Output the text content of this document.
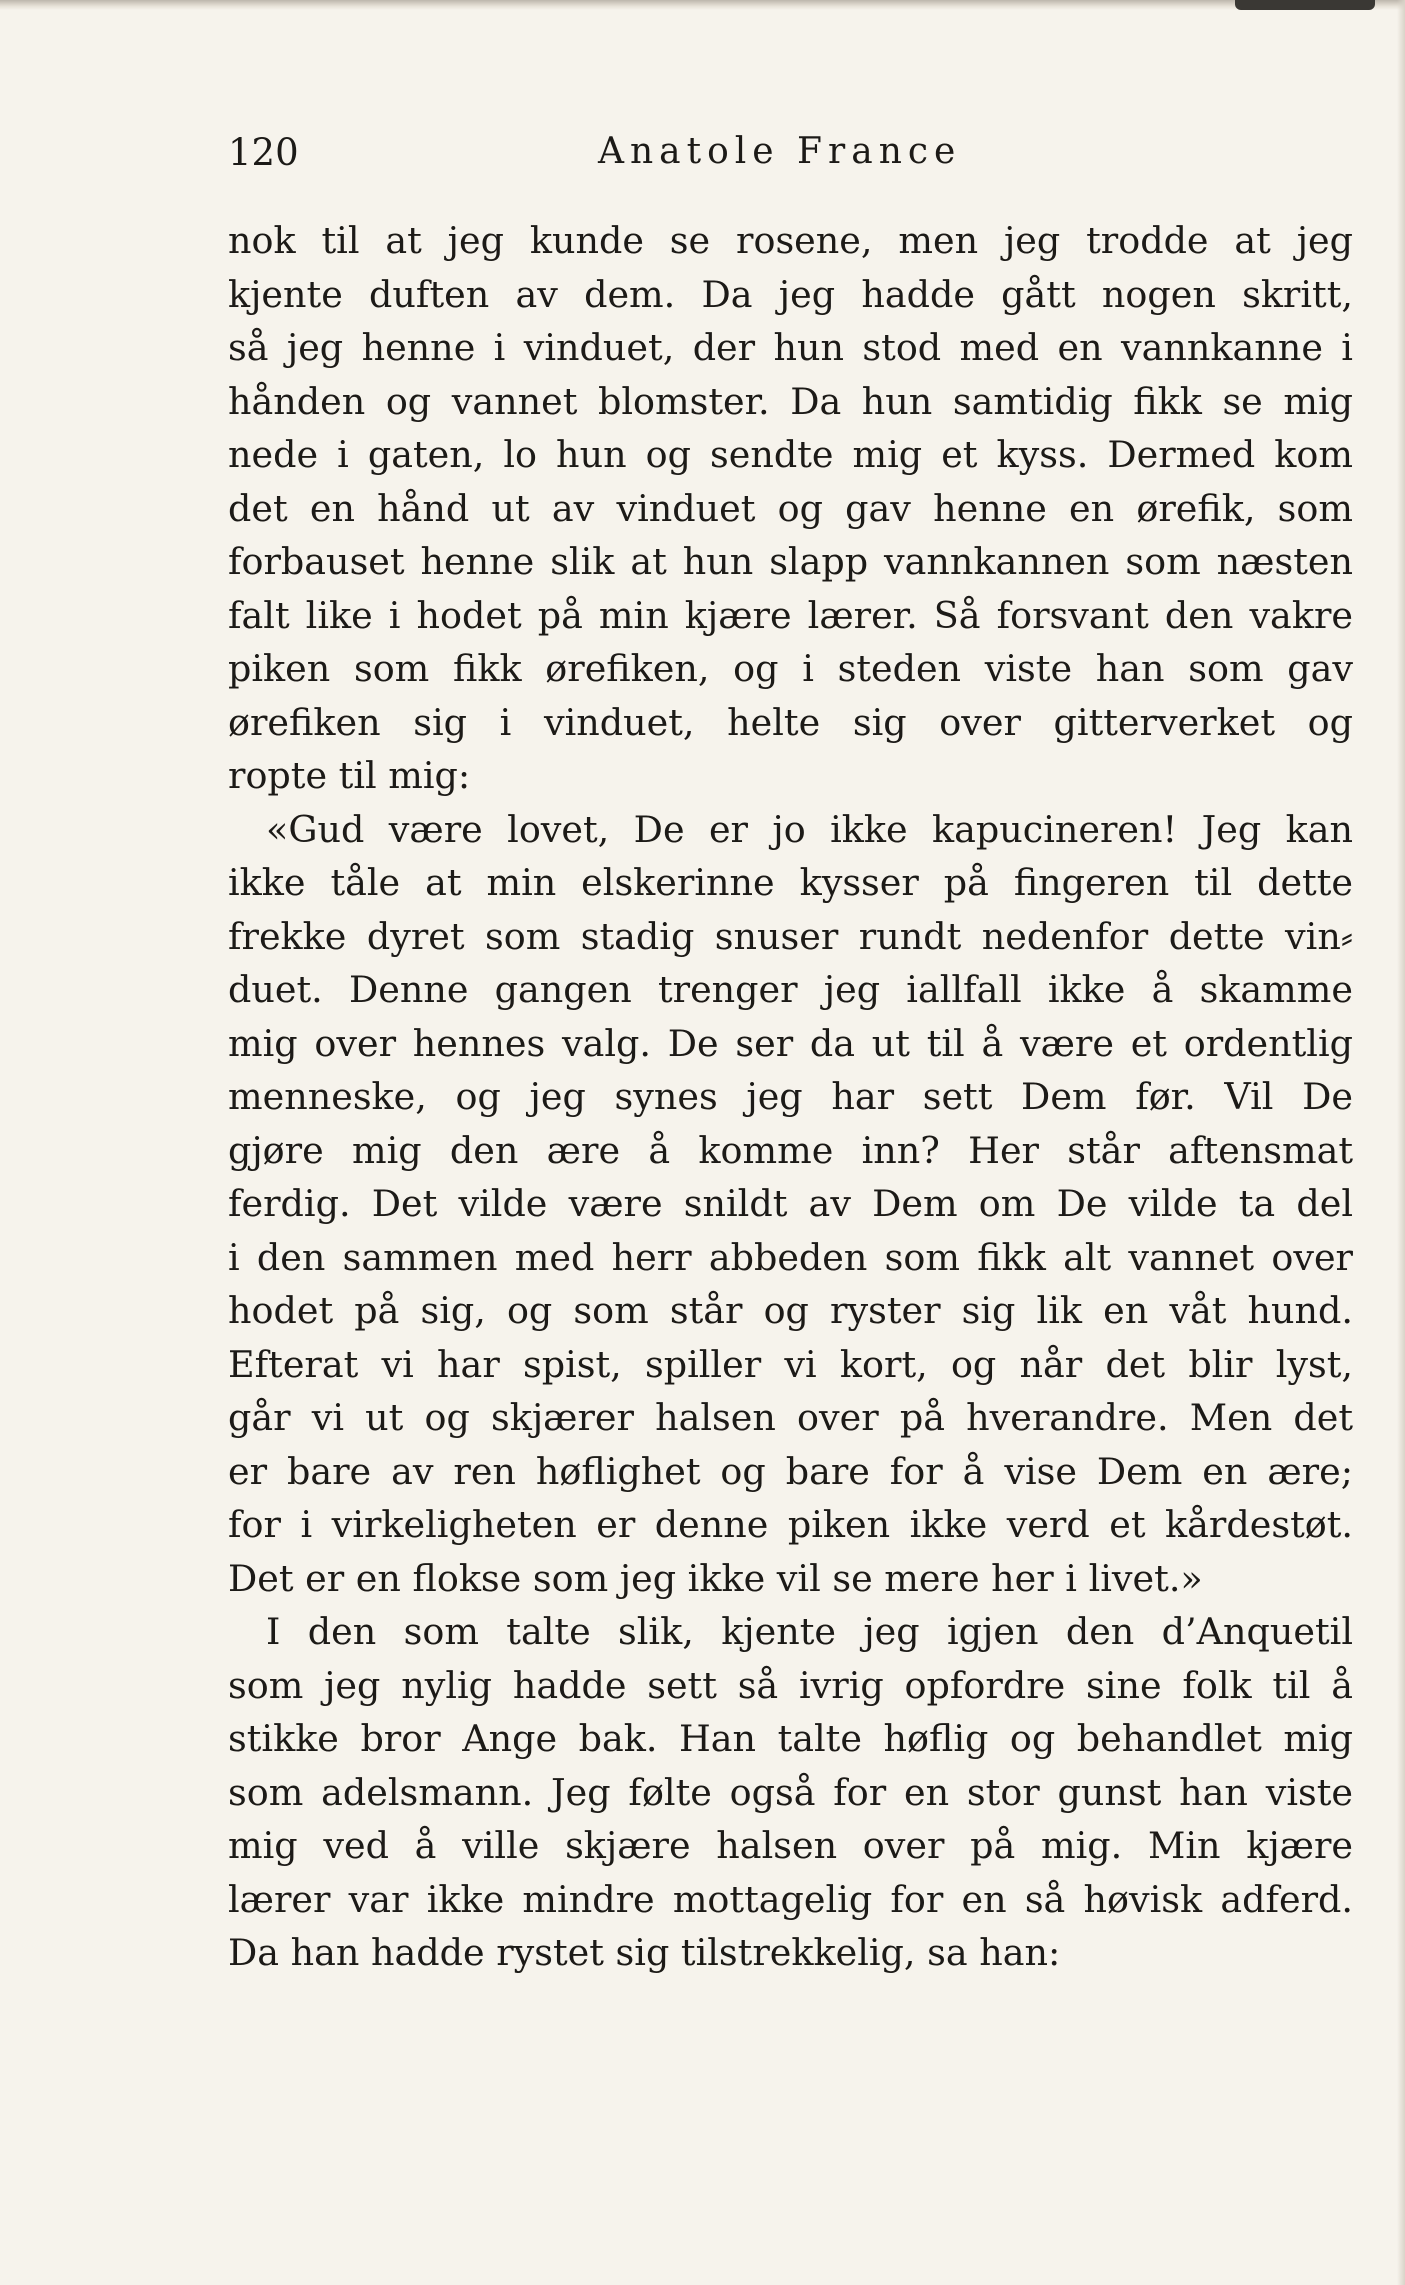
120	Anatole France
nok til at jeg kunde se rosene, men jeg trodde at jeg
kjente duften av dem. Da jeg hadde gått nogen skritt,
så jeg henne i vinduet, der hun stod med en vannkanne i
hånden og vannet blomster. Da hun samtidig fikk se mig
nede i gaten, lo hun og sendte mig et kyss. Dermed kom
det en hånd ut av vinduet og gav henne en ørefik, som
forbauset henne slik at hun slapp vannkannen som næsten
falt like i hodet på min kjære lærer. Så forsvant den vakre
piken som fikk ørefiken, og i steden viste han som gav
ørefiken sig i vinduet, helte sig over gitterverket og
ropte til mig:
«Gud være lovet, De er jo ikke kapucineren! Jeg kan
ikke tåle at min elskerinne kysser på fingeren til dette
frekke dyret som stadig snuser rundt nedenfor dette vin⸗
duet. Denne gangen trenger jeg iallfall ikke å skamme
mig over hennes valg. De ser da ut til å være et ordentlig
menneske, og jeg synes jeg har sett Dem før. Vil De
gjøre mig den ære å komme inn? Her står aftensmat
ferdig. Det vilde være snildt av Dem om De vilde ta del
i den sammen med herr abbeden som fikk alt vannet over
hodet på sig, og som står og ryster sig lik en våt hund.
Efterat vi har spist, spiller vi kort, og når det blir lyst,
går vi ut og skjærer halsen over på hverandre. Men det
er bare av ren høflighet og bare for å vise Dem en ære;
for i virkeligheten er denne piken ikke verd et kårdestøt.
Det er en flokse som jeg ikke vil se mere her i livet.»
I den som talte slik, kjente jeg igjen den d’Anquetil
som jeg nylig hadde sett så ivrig opfordre sine folk til å
stikke bror Ange bak. Han talte høflig og behandlet mig
som adelsmann. Jeg følte også for en stor gunst han viste
mig ved å ville skjære halsen over på mig. Min kjære
lærer var ikke mindre mottagelig for en så høvisk adferd.
Da han hadde rystet sig tilstrekkelig, sa han:
